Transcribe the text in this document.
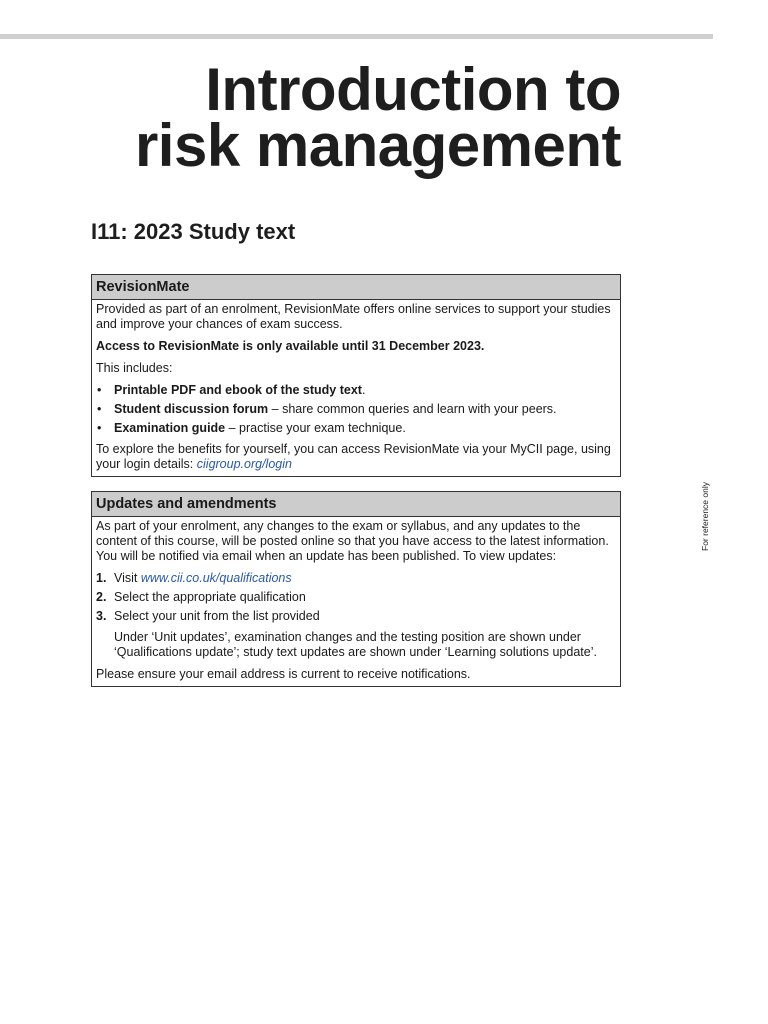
Introduction to
risk management
I11: 2023 Study text
RevisionMate

Provided as part of an enrolment, RevisionMate offers online services to support your studies and improve your chances of exam success.

Access to RevisionMate is only available until 31 December 2023.

This includes:

• Printable PDF and ebook of the study text.
• Student discussion forum – share common queries and learn with your peers.
• Examination guide – practise your exam technique.

To explore the benefits for yourself, you can access RevisionMate via your MyCII page, using your login details: ciigroup.org/login

Updates and amendments

As part of your enrolment, any changes to the exam or syllabus, and any updates to the content of this course, will be posted online so that you have access to the latest information. You will be notified via email when an update has been published. To view updates:

1. Visit www.cii.co.uk/qualifications
2. Select the appropriate qualification
3. Select your unit from the list provided

Under ‘Unit updates’, examination changes and the testing position are shown under ‘Qualifications update’; study text updates are shown under ‘Learning solutions update’.

Please ensure your email address is current to receive notifications.

For reference only
